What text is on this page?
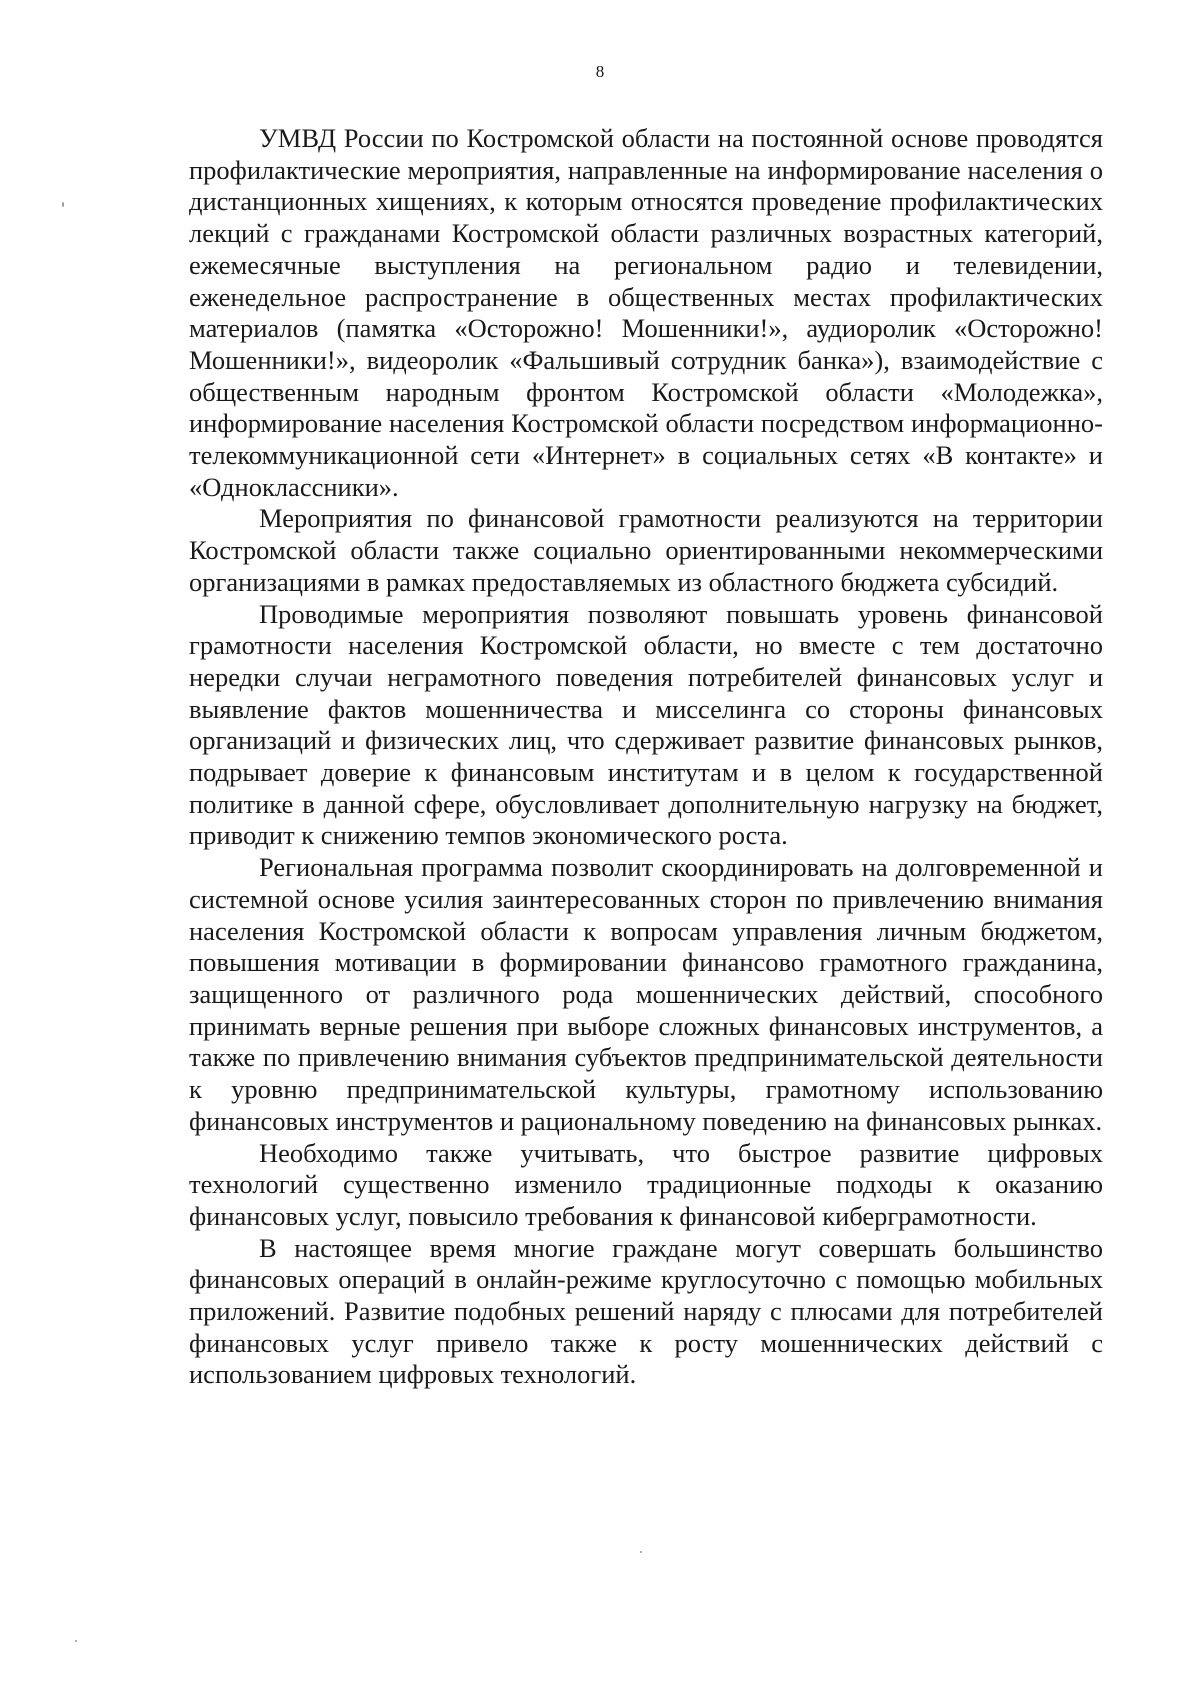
8

УМВД России по Костромской области на постоянной основе проводятся профилактические мероприятия, направленные на информирование населения о дистанционных хищениях, к которым относятся проведение профилактических лекций с гражданами Костромской области различных возрастных категорий, ежемесячные выступления на региональном радио и телевидении, еженедельное распространение в общественных местах профилактических материалов (памятка «Осторожно! Мошенники!», аудиоролик «Осторожно! Мошенники!», видеоролик «Фальшивый сотрудник банка»), взаимодействие с общественным народным фронтом Костромской области «Молодежка», информирование населения Костромской области посредством информационно-телекоммуникационной сети «Интернет» в социальных сетях «В контакте» и «Одноклассники».

Мероприятия по финансовой грамотности реализуются на территории Костромской области также социально ориентированными некоммерческими организациями в рамках предоставляемых из областного бюджета субсидий.

Проводимые мероприятия позволяют повышать уровень финансовой грамотности населения Костромской области, но вместе с тем достаточно нередки случаи неграмотного поведения потребителей финансовых услуг и выявление фактов мошенничества и мисселинга со стороны финансовых организаций и физических лиц, что сдерживает развитие финансовых рынков, подрывает доверие к финансовым институтам и в целом к государственной политике в данной сфере, обусловливает дополнительную нагрузку на бюджет, приводит к снижению темпов экономического роста.

Региональная программа позволит скоординировать на долговременной и системной основе усилия заинтересованных сторон по привлечению внимания населения Костромской области к вопросам управления личным бюджетом, повышения мотивации в формировании финансово грамотного гражданина, защищенного от различного рода мошеннических действий, способного принимать верные решения при выборе сложных финансовых инструментов, а также по привлечению внимания субъектов предпринимательской деятельности к уровню предпринимательской культуры, грамотному использованию финансовых инструментов и рациональному поведению на финансовых рынках.

Необходимо также учитывать, что быстрое развитие цифровых технологий существенно изменило традиционные подходы к оказанию финансовых услуг, повысило требования к финансовой киберграмотности.

В настоящее время многие граждане могут совершать большинство финансовых операций в онлайн-режиме круглосуточно с помощью мобильных приложений. Развитие подобных решений наряду с плюсами для потребителей финансовых услуг привело также к росту мошеннических действий с использованием цифровых технологий.
